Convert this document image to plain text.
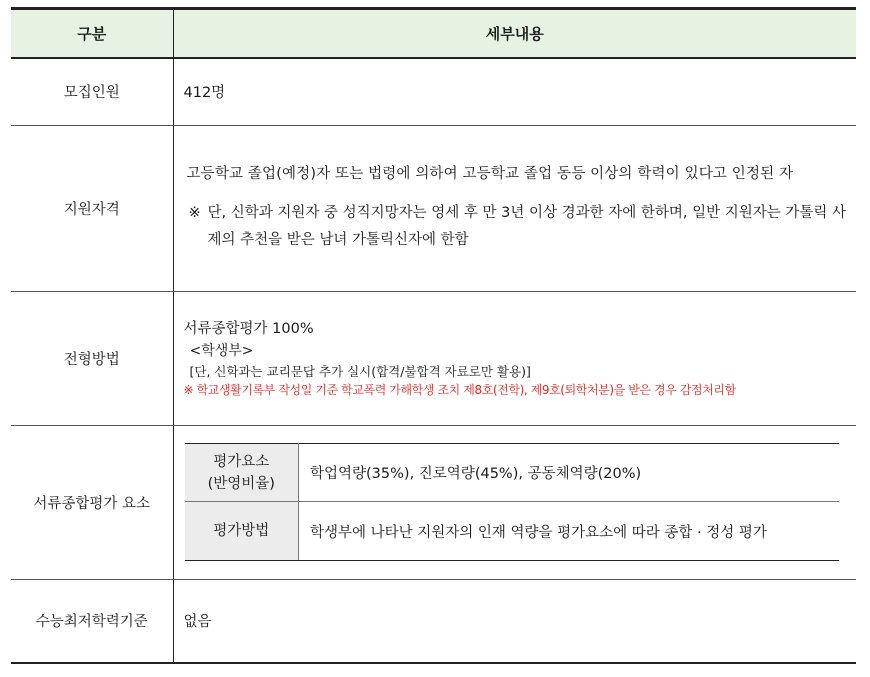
구분	세부내용
모집인원	412명
지원자격	
고등학교 졸업(예정)자 또는 법령에 의하여 고등학교 졸업 동등 이상의 학력이 있다고 인정된 자
※ 단, 신학과 지원자 중 성직지망자는 영세 후 만 3년 이상 경과한 자에 한하며, 일반 지원자는 가톨릭 사제의 추천을 받은 남녀 가톨릭신자에 한함

전형방법	
서류종합평가 100%
<학생부>
[단, 신학과는 교리문답 추가 실시(합격/불합격 자료로만 활용)]
※ 학교생활기록부 작성일 기준 학교폭력 가해학생 조치 제8호(전학), 제9호(퇴학처분)을 받은 경우 감점처리함

서류종합평가 요소	
평가요소
(반영비율)
	학업역량(35%), 진로역량(45%), 공동체역량(20%)
평가방법	학생부에 나타난 지원자의 인재 역량을 평가요소에 따라 종합 · 정성 평가

수능최저학력기준	없음
